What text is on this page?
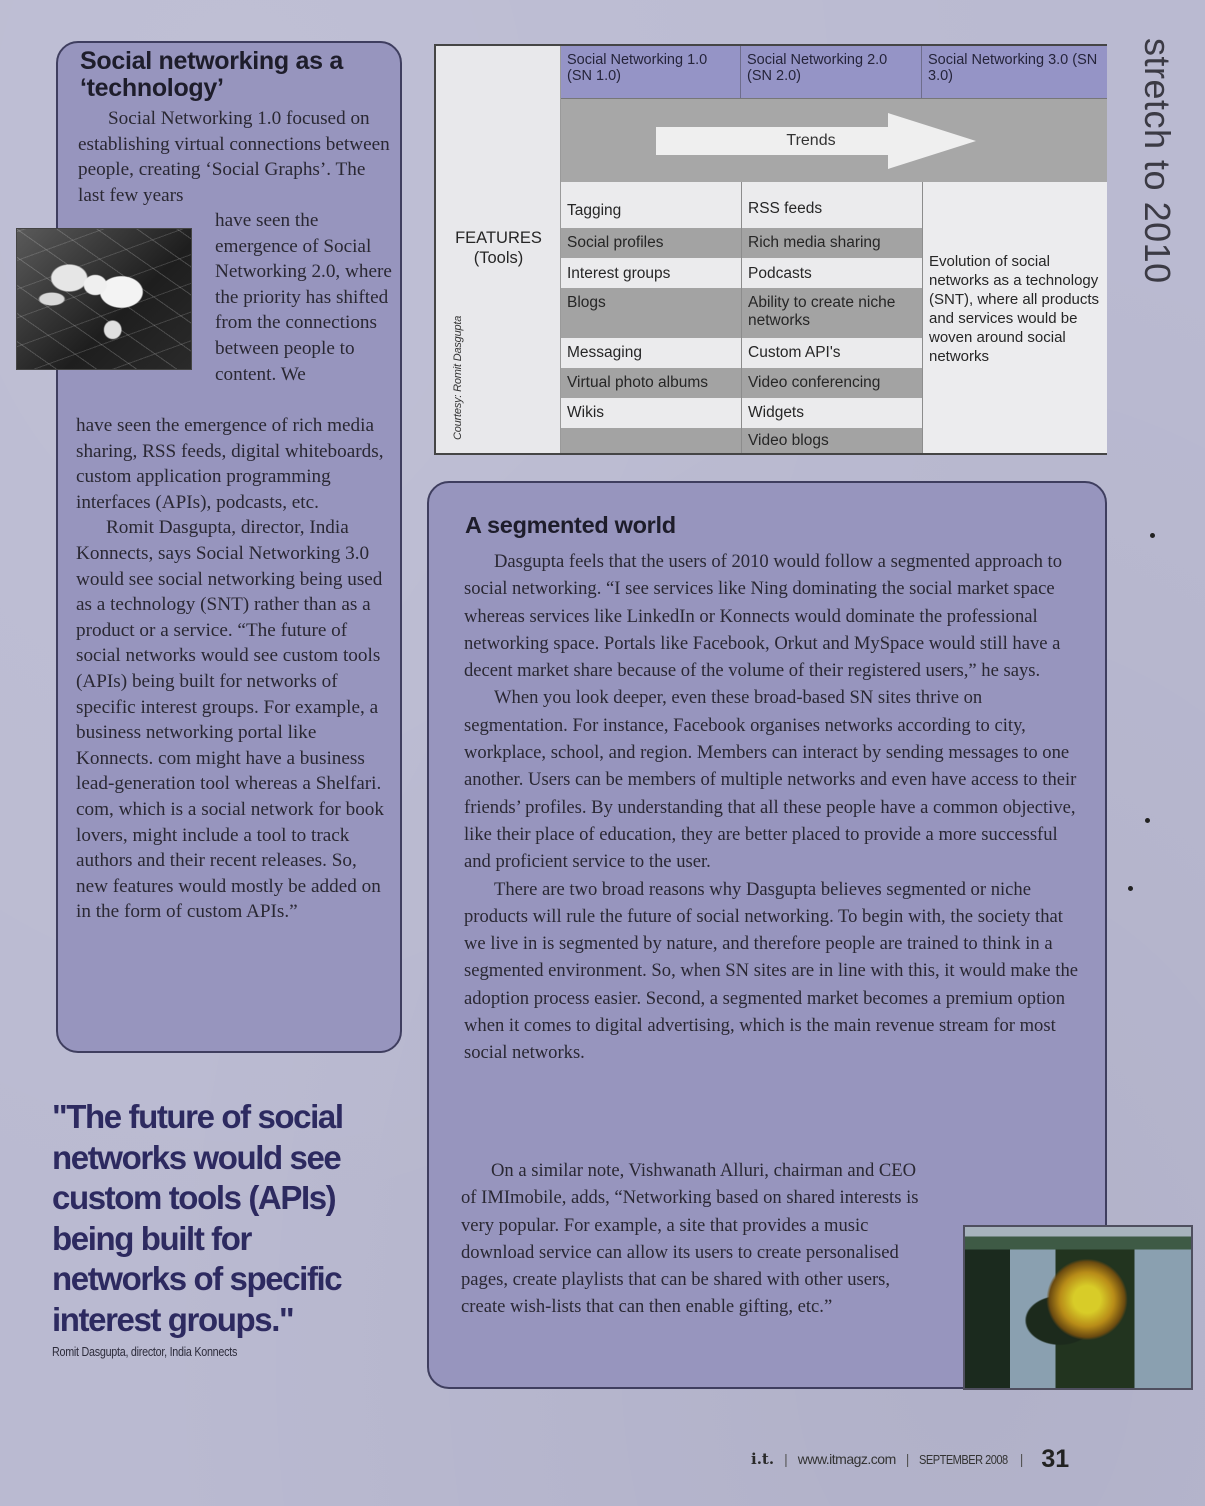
Social networking as a ‘technology’
Social Networking 1.0 focused on establishing virtual connections between people, creating ‘Social Graphs’. The last few years
have seen the emergence of Social Networking 2.0, where the priority has shifted from the connections between people to content. We

have seen the emergence of rich media sharing, RSS feeds, digital whiteboards, custom application programming interfaces (APIs), podcasts, etc.

Romit Dasgupta, director, India Konnects, says Social Networking 3.0 would see social networking being used as a technology (SNT) rather than as a product or a service. “The future of social networks would see custom tools (APIs) being built for networks of specific interest groups. For example, a business networking portal like Konnects. com might have a business lead-generation tool whereas a Shelfari. com, which is a social network for book lovers, might include a tool to track authors and their recent releases. So, new features would mostly be added on in the form of custom APIs.”

"The future of social networks would see custom tools (APIs) being built for networks of specific interest groups."

Romit Dasgupta, director, India Konnects
FEATURES
(Tools)
Courtesy: Romit Dasgupta
Social Networking 1.0 (SN 1.0)
Social Networking 2.0 (SN 2.0)
Social Networking 3.0 (SN 3.0)
Trends
Tagging
Social profiles
Interest groups
Blogs
Messaging
Virtual photo albums
Wikis
RSS feeds
Rich media sharing
Podcasts
Ability to create niche networks
Custom API's
Video conferencing
Widgets
Video blogs
Evolution of social networks as a technology (SNT), where all products and services would be woven around social networks
stretch to 2010
A segmented world

Dasgupta feels that the users of 2010 would follow a segmented approach to social networking. “I see services like Ning dominating the social market space whereas services like LinkedIn or Konnects would dominate the professional networking space. Portals like Facebook, Orkut and MySpace would still have a decent market share because of the volume of their registered users,” he says.

When you look deeper, even these broad-based SN sites thrive on segmentation. For instance, Facebook organises networks according to city, workplace, school, and region. Members can interact by sending messages to one another. Users can be members of multiple networks and even have access to their friends’ profiles. By understanding that all these people have a common objective, like their place of education, they are better placed to provide a more successful and proficient service to the user.

There are two broad reasons why Dasgupta believes segmented or niche products will rule the future of social networking. To begin with, the society that we live in is segmented by nature, and therefore people are trained to think in a segmented environment. So, when SN sites are in line with this, it would make the adoption process easier. Second, a segmented market becomes a premium option when it comes to digital advertising, which is the main revenue stream for most social networks.

On a similar note, Vishwanath Alluri, chairman and CEO

of IMImobile, adds, “Networking based on shared interests is very popular. For example, a site that provides a music download service can allow its users to create personalised pages, create playlists that can be shared with other users, create wish-lists that can then enable gifting, etc.”

i.t. | www.itmagz.com | SEPTEMBER 2008 | 31
